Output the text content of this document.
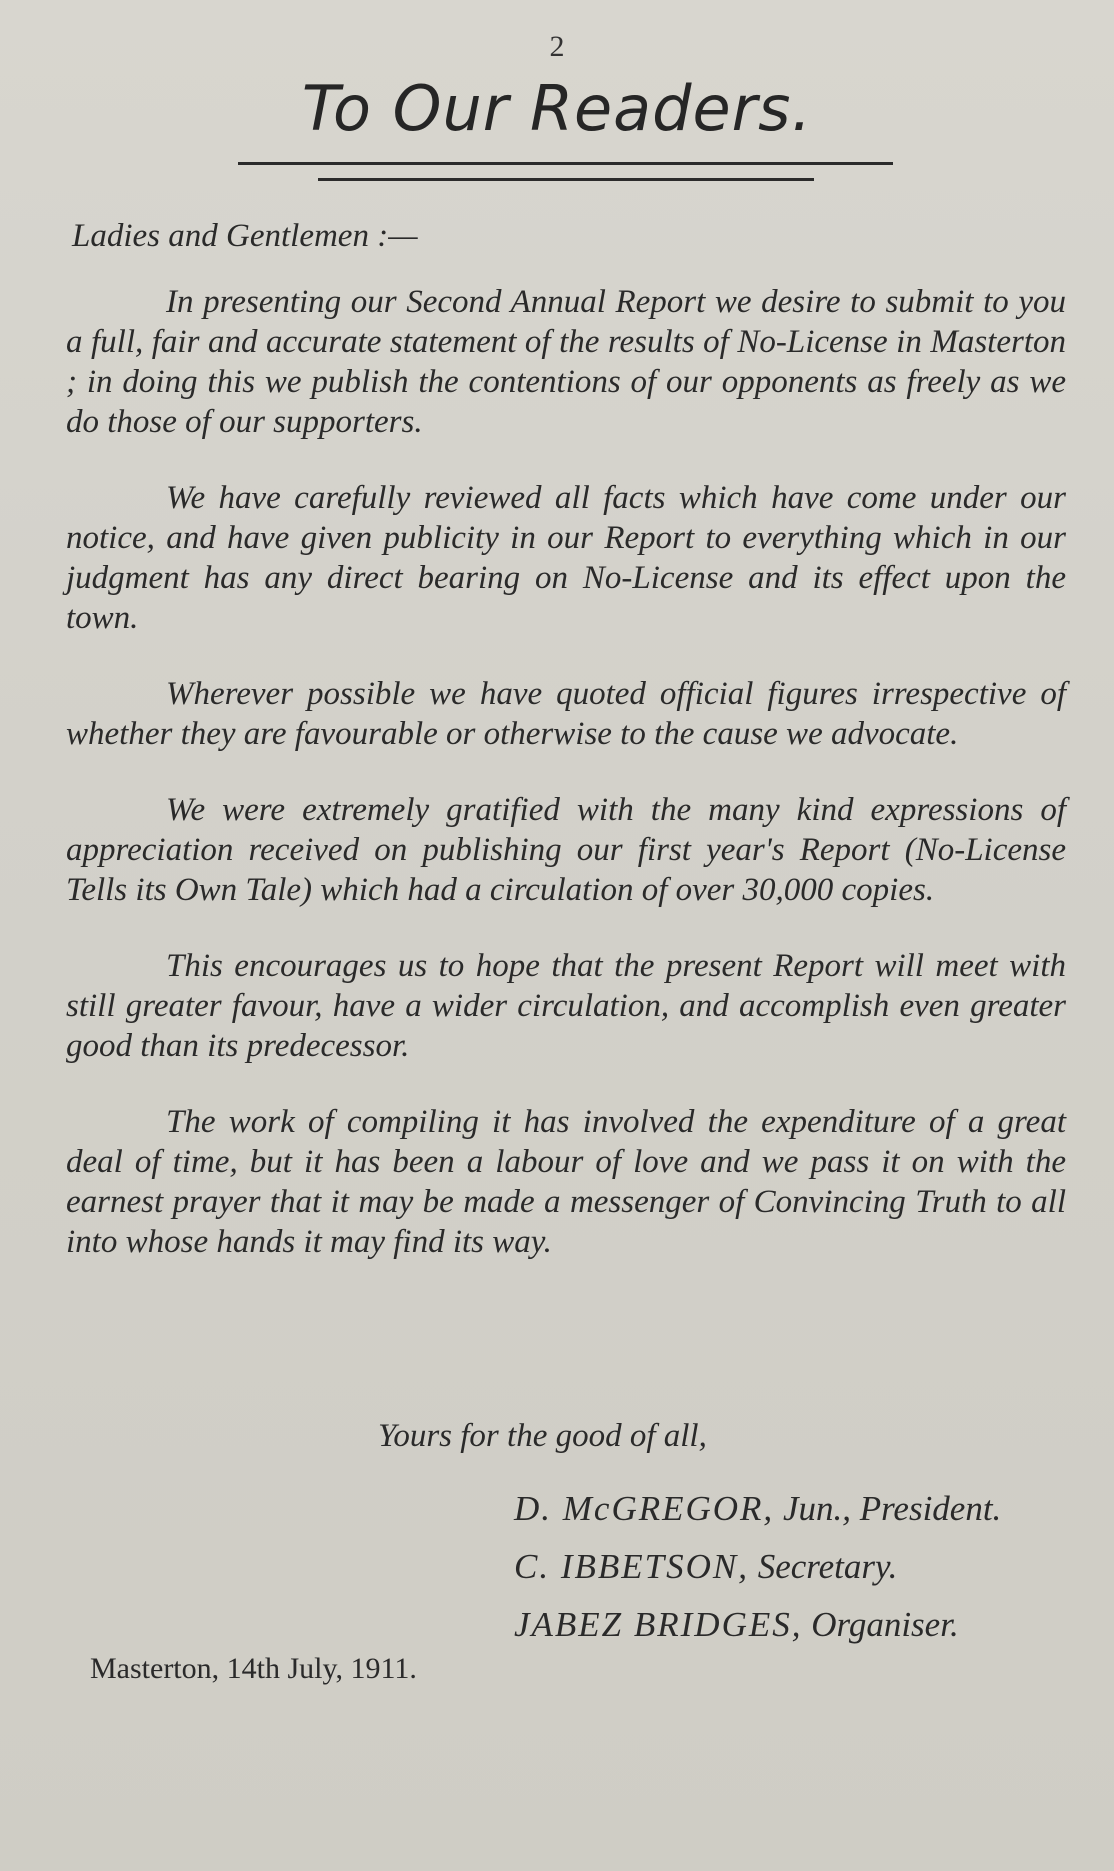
2
To Our Readers.
Ladies and Gentlemen :—

In presenting our Second Annual Report we desire to submit to you a full, fair and accurate statement of the results of No-License in Masterton ; in doing this we publish the contentions of our opponents as freely as we do those of our supporters.

We have carefully reviewed all facts which have come under our notice, and have given publicity in our Report to everything which in our judgment has any direct bearing on No-License and its effect upon the town.

Wherever possible we have quoted official figures irrespective of whether they are favourable or otherwise to the cause we advocate.

We were extremely gratified with the many kind expressions of appreciation received on publishing our first year's Report (No-License Tells its Own Tale) which had a circulation of over 30,000 copies.

This encourages us to hope that the present Report will meet with still greater favour, have a wider circulation, and accomplish even greater good than its predecessor.

The work of compiling it has involved the expenditure of a great deal of time, but it has been a labour of love and we pass it on with the earnest prayer that it may be made a messenger of Convincing Truth to all into whose hands it may find its way.

Yours for the good of all,
D. McGREGOR, Jun., President.
C. IBBETSON, Secretary.
JABEZ BRIDGES, Organiser.
Masterton, 14th July, 1911.
